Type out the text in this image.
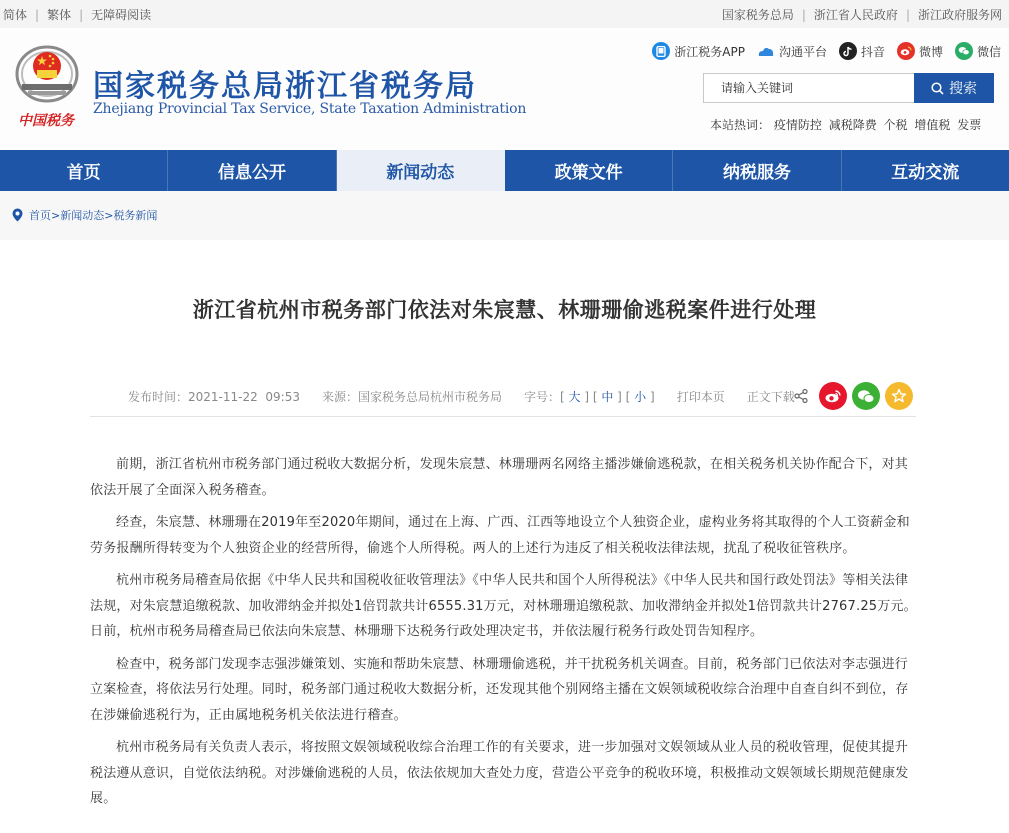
简体 | 繁体 | 无障碍阅读	国家税务总局 | 浙江省人民政府 | 浙江政府服务网
中国税务
国家税务总局浙江省税务局
Zhejiang Provincial Tax Service, State Taxation Administration
浙江税务APP	沟通平台	抖音	微博	微信
请输入关键词	搜索
本站热词： 疫情防控 减税降费 个税 增值税 发票
首页	信息公开	新闻动态	政策文件	纳税服务	互动交流
首页 > 新闻动态 > 税务新闻
浙江省杭州市税务部门依法对朱宸慧、林珊珊偷逃税案件进行处理
发布时间： 2021-11-22  09:53 来源： 国家税务总局杭州市税务局 字号：[ 大 ] [ 中 ] [ 小 ] 打印本页 正文下载

前期，浙江省杭州市税务部门通过税收大数据分析，发现朱宸慧、林珊珊两名网络主播涉嫌偷逃税款，在相关税务机关协作配合下，对其依法开展了全面深入税务稽查。

经查，朱宸慧、林珊珊在2019年至2020年期间，通过在上海、广西、江西等地设立个人独资企业，虚构业务将其取得的个人工资薪金和劳务报酬所得转变为个人独资企业的经营所得，偷逃个人所得税。两人的上述行为违反了相关税收法律法规，扰乱了税收征管秩序。

杭州市税务局稽查局依据《中华人民共和国税收征收管理法》《中华人民共和国个人所得税法》《中华人民共和国行政处罚法》等相关法律法规，对朱宸慧追缴税款、加收滞纳金并拟处1倍罚款共计6555.31万元，对林珊珊追缴税款、加收滞纳金并拟处1倍罚款共计2767.25万元。日前，杭州市税务局稽查局已依法向朱宸慧、林珊珊下达税务行政处理决定书，并依法履行税务行政处罚告知程序。

检查中，税务部门发现李志强涉嫌策划、实施和帮助朱宸慧、林珊珊偷逃税，并干扰税务机关调查。目前，税务部门已依法对李志强进行立案检查，将依法另行处理。同时，税务部门通过税收大数据分析，还发现其他个别网络主播在文娱领域税收综合治理中自查自纠不到位，存在涉嫌偷逃税行为，正由属地税务机关依法进行稽查。

杭州市税务局有关负责人表示，将按照文娱领域税收综合治理工作的有关要求，进一步加强对文娱领域从业人员的税收管理，促使其提升税法遵从意识，自觉依法纳税。对涉嫌偷逃税的人员，依法依规加大查处力度，营造公平竞争的税收环境，积极推动文娱领域长期规范健康发展。
